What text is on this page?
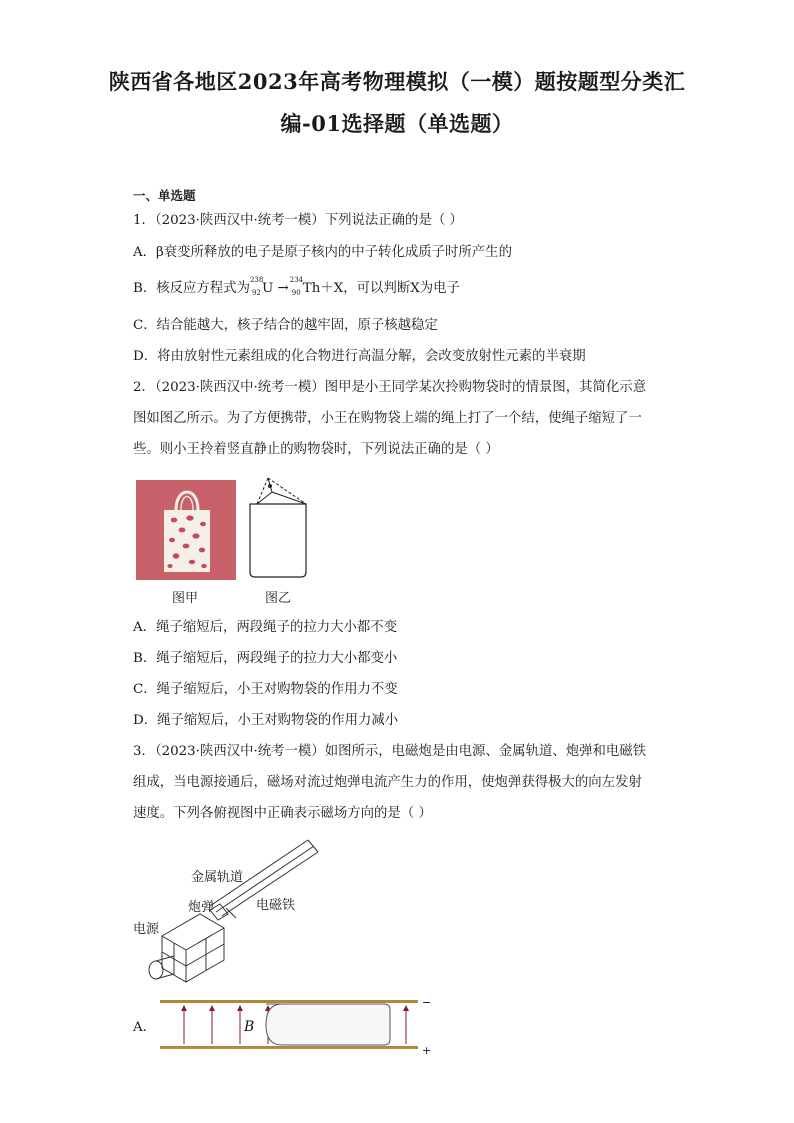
陕西省各地区2023年高考物理模拟（一模）题按题型分类汇
编-01选择题（单选题）
一、单选题
1．（2023·陕西汉中·统考一模）下列说法正确的是（ ）
A．β衰变所释放的电子是原子核内的中子转化成质子时所产生的
B．核反应方程式为
238
92 U →
234
90 Th＋X，可以判断X为电子
C．结合能越大，核子结合的越牢固，原子核越稳定
D．将由放射性元素组成的化合物进行高温分解，会改变放射性元素的半衰期
2．（2023·陕西汉中·统考一模）图甲是小王同学某次拎购物袋时的情景图，其简化示意
图如图乙所示。为了方便携带，小王在购物袋上端的绳上打了一个结，使绳子缩短了一
些。则小王拎着竖直静止的购物袋时，下列说法正确的是（ ）
图甲	图乙
A．绳子缩短后，两段绳子的拉力大小都不变
B．绳子缩短后，两段绳子的拉力大小都变小
C．绳子缩短后，小王对购物袋的作用力不变
D．绳子缩短后，小王对购物袋的作用力减小
3．（2023·陕西汉中·统考一模）如图所示，电磁炮是由电源、金属轨道、炮弹和电磁铁
组成，当电源接通后，磁场对流过炮弹电流产生力的作用，使炮弹获得极大的向左发射
速度。下列各俯视图中正确表示磁场方向的是（ ）
金属轨道
炮弹	电磁铁
电源
A．	B
−
+
